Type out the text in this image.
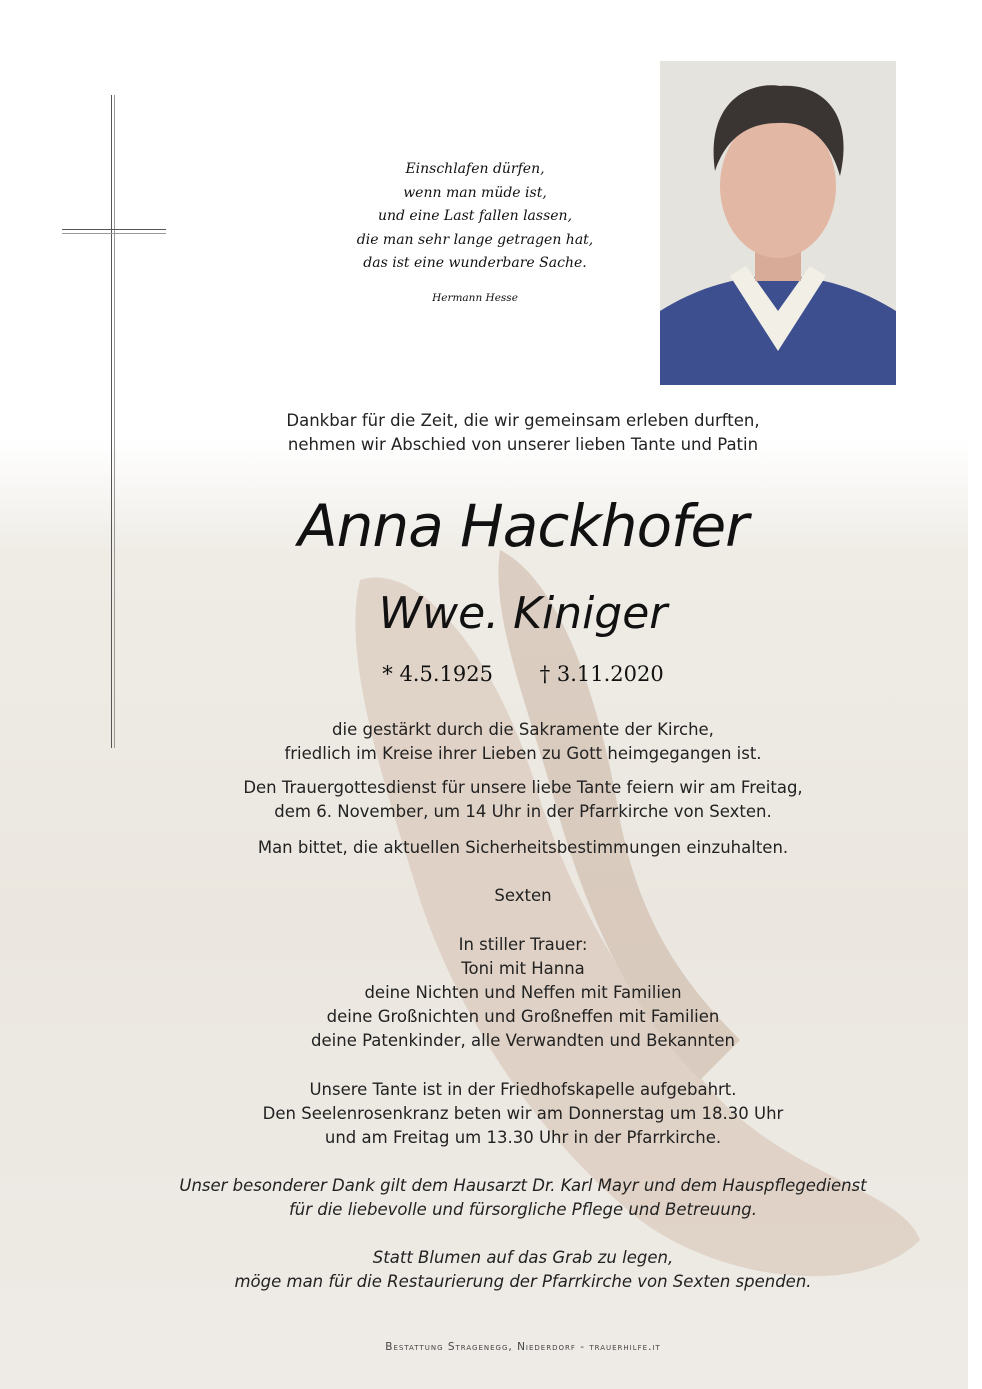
Einschlafen dürfen,
wenn man müde ist,
und eine Last fallen lassen,
die man sehr lange getragen hat,
das ist eine wunderbare Sache.
Hermann Hesse
Dankbar für die Zeit, die wir gemeinsam erleben durften,
nehmen wir Abschied von unserer lieben Tante und Patin
Anna Hackhofer
Wwe. Kiniger
* 4.5.1925 † 3.11.2020
die gestärkt durch die Sakramente der Kirche,
friedlich im Kreise ihrer Lieben zu Gott heimgegangen ist.
Den Trauergottesdienst für unsere liebe Tante feiern wir am Freitag,
dem 6. November, um 14 Uhr in der Pfarrkirche von Sexten.
Man bittet, die aktuellen Sicherheitsbestimmungen einzuhalten.
Sexten
In stiller Trauer:
Toni mit Hanna
deine Nichten und Neffen mit Familien
deine Großnichten und Großneffen mit Familien
deine Patenkinder, alle Verwandten und Bekannten
Unsere Tante ist in der Friedhofskapelle aufgebahrt.
Den Seelenrosenkranz beten wir am Donnerstag um 18.30 Uhr
und am Freitag um 13.30 Uhr in der Pfarrkirche.
Unser besonderer Dank gilt dem Hausarzt Dr. Karl Mayr und dem Hauspflegedienst
für die liebevolle und fürsorgliche Pflege und Betreuung.
Statt Blumen auf das Grab zu legen,
möge man für die Restaurierung der Pfarrkirche von Sexten spenden.
Bestattung Stragenegg, Niederdorf - trauerhilfe.it
